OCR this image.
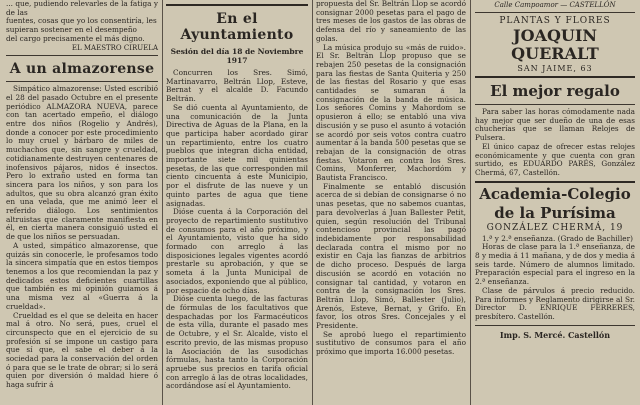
... que, pudiendo relevarles de la fatiga y de las

fuentes, cosas que yo los consentiría, les

supieran sostener en el desempeño

del cargo precisamente el más digno.

EL MAESTRO CIRUELA

A un almazorense

Simpático almazorense: Usted escribió el 28 del pasado Octubre en el presente periódico ALMAZORA NUEVA, parece con tan acertado empeño, el diálogo entre dos niños (Rogelio y Andrés), donde a conocer por este procedimiento lo muy cruel y bárbaro de miles de muchachos que, sin sangre y crueldad, cotidianamente destruyen centenares de inofensivos pájaros, nidos é insectos. Pero lo extraño usted en forma tan sincera para los niños, y son para los adultos, que su obra alcanzó gran éxito en una velada, que me animó leer el referido diálogo. Los sentimientos altruistas que claramente manifiesta en él, en cierta manera consiguió usted el de que los niños se persuadan.

A usted, simpático almazorense, que quizás sin conocerle, le profesamos todo la sincera simpatía que en estos tiempos tenemos a los que recomiendan la paz y dedicados estos deficientes cuartillas que también es mi opinión guiamos á una misma vez al «Guerra á la crueldad».

Crueldad es el que se deleita en hacer mal á otro. No será, pues, cruel el circunspecto que en el ejercicio de su profesión sí se impone un castigo para que sí que, el sabe el deber á la sociedad para la conservación del orden ó para que se le trate de obrar; si lo será quien por diversión ó maldad hiere ó haga sufrir á

En el Ayuntamiento
Sesión del día 18 de Noviembre 1917

Concurren los Sres. Simó, Martinavarro, Beltrán Llop, Esteve, Bernat y el alcalde D. Facundo Beltrán.

Se dió cuenta al Ayuntamiento, de una comunicación de la Junta Directiva de Aguas de la Plana, en la que participa haber acordado girar un repartimiento, entre los cuatro pueblos que integran dicha entidad, importante siete mil quinientas pesetas, de las que corresponden mil ciento cincuenta á este Municipio, por el disfrute de las nueve y un quinto partes de agua que tiene asignadas.

Dióse cuenta á la Corporación del proyecto de repartimiento sustitutivo de consumos para el año próximo, y el Ayuntamiento, visto que ha sido formado con arreglo á las disposiciones legales vigentes acordó prestarle su aprobación, y que se someta á la Junta Municipal de asociados, exponiendo que al público, por espacio de ocho días.

Dióse cuenta luego, de las facturas de fórmulas de los facultativos que despachadas por los Farmacéuticos de esta villa, durante el pasado mes de Octubre, y el Sr. Alcalde, visto el escrito previo, de las mismas propuso la Asociación de las susodichas fórmulas, hasta tanto la Corporación apruebe sus precios en tarifa oficial con arreglo á las de otras localidades, acordándose así el Ayuntamiento.

propuesta del Sr. Beltrán Llop se acordó consignar 2000 pesetas para el pago de tres meses de los gastos de las obras de defensa del río y saneamiento de las golas.

La música produjo su «más de ruido». El Sr. Beltrán Llop propuso que se rebajen 250 pesetas de la consignación para las fiestas de Santa Quiteria y 250 de las fiestas del Rosario y que esas cantidades se sumaran á la consignación de la banda de música. Los señores Comins y Mahordom se opusieron á ello; se entabló una viva discusión y se puso el asunto á votación se acordó por seis votos contra cuatro aumentar á la banda 500 pesetas que se rebajan de la consignación de otras fiestas. Votaron en contra los Sres. Comins, Monferrer, Machordóm y Bautista Francisco.

Finalmente se entabló discusión acerca de si debían de consignarse ó no unas pesetas, que no sabemos cuantas, para devolverlas á Juan Ballester Petit, quien, según resolución del Tribunal contencioso provincial las pagó indebidamente por responsabilidad declarada contra el mismo por no existir en Caja las fianzas de arbitrios de dicho proceso. Después de larga discusión se acordó en votación no consignar tal cantidad, y votaron en contra de la consignación los Sres. Beltrán Llop, Simó, Ballester (Julio), Arenós, Esteve, Bernat, y Grifo. En favor, los otros Sres. Concejales y el Presidente.

Se aprobó luego el repartimiento sustitutivo de consumos para el año próximo que importa 16.000 pesetas.

Calle Campoamor — CASTELLÓN
PLANTAS Y FLORES
JOAQUIN QUERALT
SAN JAIME, 63
El mejor regalo

Para saber las horas cómodamente nada hay mejor que ser dueño de una de esas chucherías que se llaman Relojes de Pulsera.

El único capaz de ofrecer estas relojes económicamente y que cuenta con gran surtido, es EDUARDO PARÉS, González Chermá, 67, Castellón.

Academia-Colegio
de la Purísima
GONZÁLEZ CHERMÁ, 19

1.ª y 2.ª enseñanza. (Grado de Bachiller)

Horas de clase para la 1.ª enseñanza, de 8 y media á 11 mañana, y de dos y media á seis tarde. Número de alumnos limitado. Preparación especial para el ingreso en la 2.ª enseñanza.

Clase de párvulos á precio reducido. Para informes y Reglamento dirigirse al Sr. Director D. ENRIQUE FERRERES, presbítero. Castellón.

Imp. S. Mercé. Castellón
